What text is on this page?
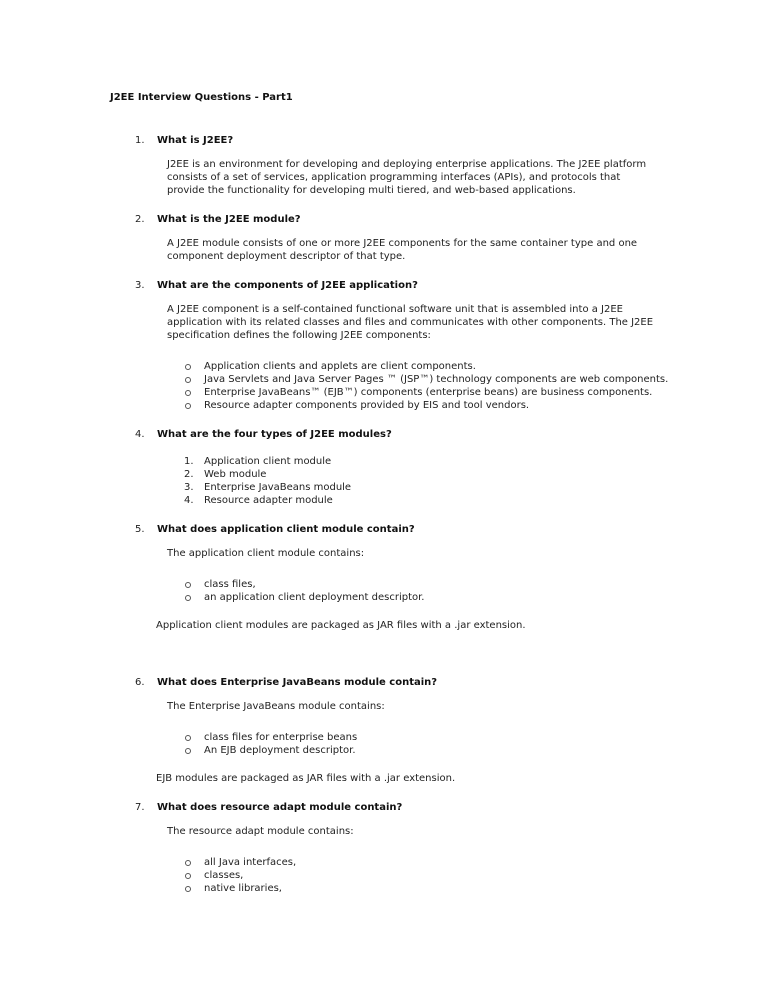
J2EE Interview Questions - Part1
1.	What is J2EE?
J2EE is an environment for developing and deploying enterprise applications. The J2EE platform consists of a set of services, application programming interfaces (APIs), and protocols that provide the functionality for developing multi tiered, and web-based applications.
2.	What is the J2EE module?
A J2EE module consists of one or more J2EE components for the same container type and one component deployment descriptor of that type.
3.	What are the components of J2EE application?
A J2EE component is a self-contained functional software unit that is assembled into a J2EE application with its related classes and files and communicates with other components. The J2EE specification defines the following J2EE components:
Application clients and applets are client components.
Java Servlets and Java Server Pages ™ (JSP™) technology components are web components.
Enterprise JavaBeans™ (EJB™) components (enterprise beans) are business components.
Resource adapter components provided by EIS and tool vendors.
4.	What are the four types of J2EE modules?
1.	Application client module
2.	Web module
3.	Enterprise JavaBeans module
4.	Resource adapter module
5.	What does application client module contain?
The application client module contains:
class files,
an application client deployment descriptor.
Application client modules are packaged as JAR files with a .jar extension.
6.	What does Enterprise JavaBeans module contain?
The Enterprise JavaBeans module contains:
class files for enterprise beans
An EJB deployment descriptor.
EJB modules are packaged as JAR files with a .jar extension.
7.	What does resource adapt module contain?
The resource adapt module contains:
all Java interfaces,
classes,
native libraries,
